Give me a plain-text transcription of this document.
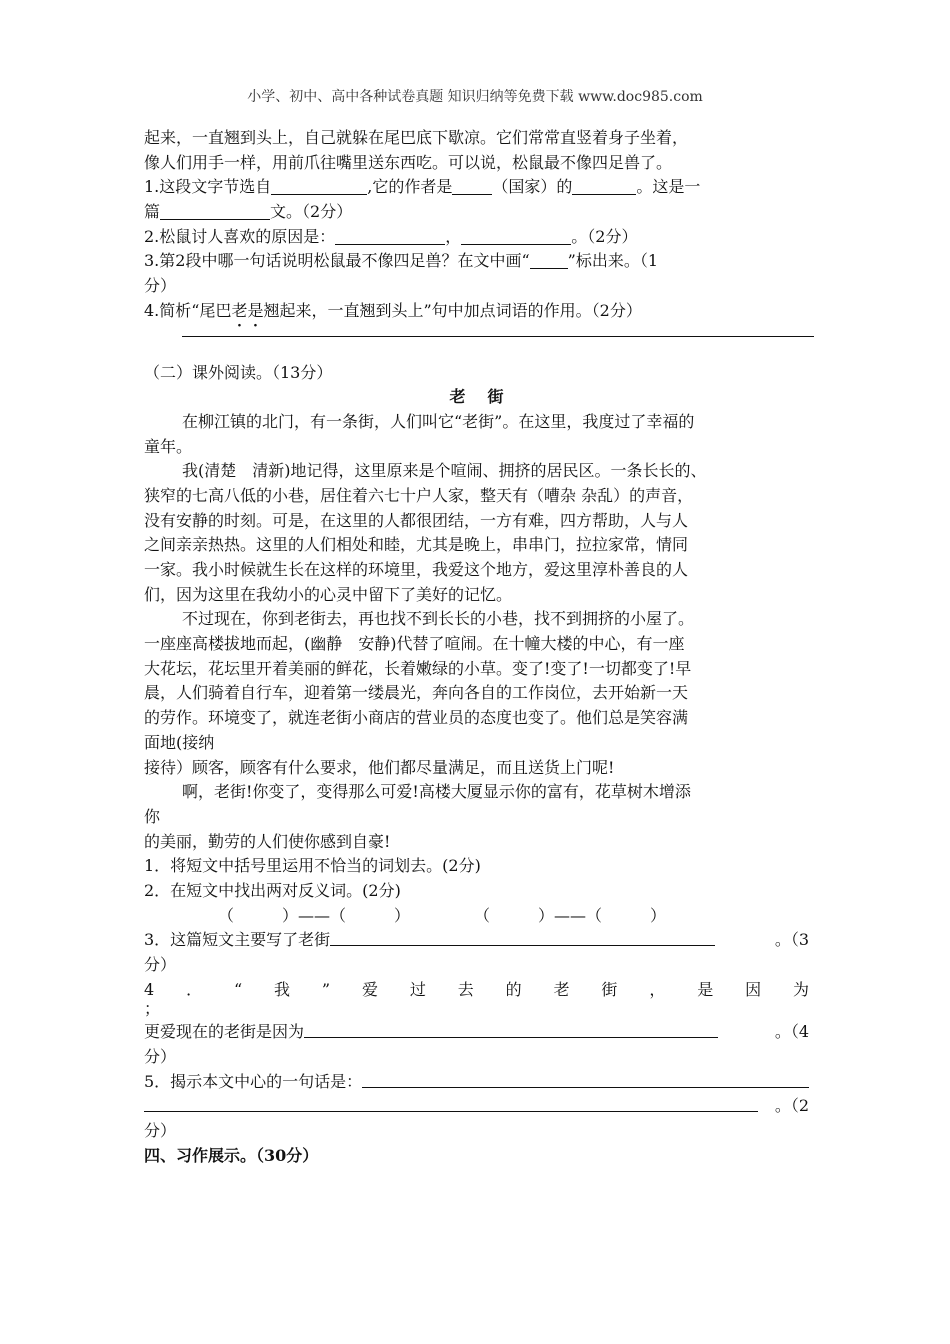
小学、初中、高中各种试卷真题 知识归纳等免费下载 www.doc985.com
起来，一直翘到头上，自己就躲在尾巴底下歇凉。它们常常直竖着身子坐着，
像人们用手一样，用前爪往嘴里送东西吃。可以说，松鼠最不像四足兽了。
1.这段文字节选自	,它的作者是	（国家）的	。这是一
篇	文。（2分）
2.松鼠讨人喜欢的原因是：	，	。（2分）
3.第2段中哪一句话说明松鼠最不像四足兽？在文中画“ ”标出来。（1
分）
4.简析“尾巴老是翘起来，一直翘到头上”句中加点词语的作用。（2分）
（二）课外阅读。（13分）
老街
在柳江镇的北门，有一条街，人们叫它“老街”。在这里，我度过了幸福的
童年。
我(清楚　清新)地记得，这里原来是个喧闹、拥挤的居民区。一条长长的、
狭窄的七高八低的小巷，居住着六七十户人家，整天有（嘈杂 杂乱）的声音，
没有安静的时刻。可是，在这里的人都很团结，一方有难，四方帮助，人与人
之间亲亲热热。这里的人们相处和睦，尤其是晚上，串串门，拉拉家常，情同
一家。我小时候就生长在这样的环境里，我爱这个地方，爱这里淳朴善良的人
们，因为这里在我幼小的心灵中留下了美好的记忆。
不过现在，你到老街去，再也找不到长长的小巷，找不到拥挤的小屋了。
一座座高楼拔地而起，(幽静　安静)代替了喧闹。在十幢大楼的中心，有一座
大花坛，花坛里开着美丽的鲜花，长着嫩绿的小草。变了!变了!一切都变了!早
晨，人们骑着自行车，迎着第一缕晨光，奔向各自的工作岗位，去开始新一天
的劳作。环境变了，就连老街小商店的营业员的态度也变了。他们总是笑容满
面地(接纳
接待）顾客，顾客有什么要求，他们都尽量满足，而且送货上门呢!
啊，老街!你变了，变得那么可爱!高楼大厦显示你的富有，花草树木增添
你
的美丽，勤劳的人们使你感到自豪!
1．将短文中括号里运用不恰当的词划去。(2分)
2．在短文中找出两对反义词。(2分)
（　　　）——（　　　）　　　　　（　　　）——（　　　）
3．这篇短文主要写了老街	。（3
分）
4 ． “ 我 ” 爱 过 去 的 老 街 ， 是 因 为
；
更爱现在的老街是因为	。（4
分）
5．揭示本文中心的一句话是：
。（2
分）
四、习作展示。（30分）
